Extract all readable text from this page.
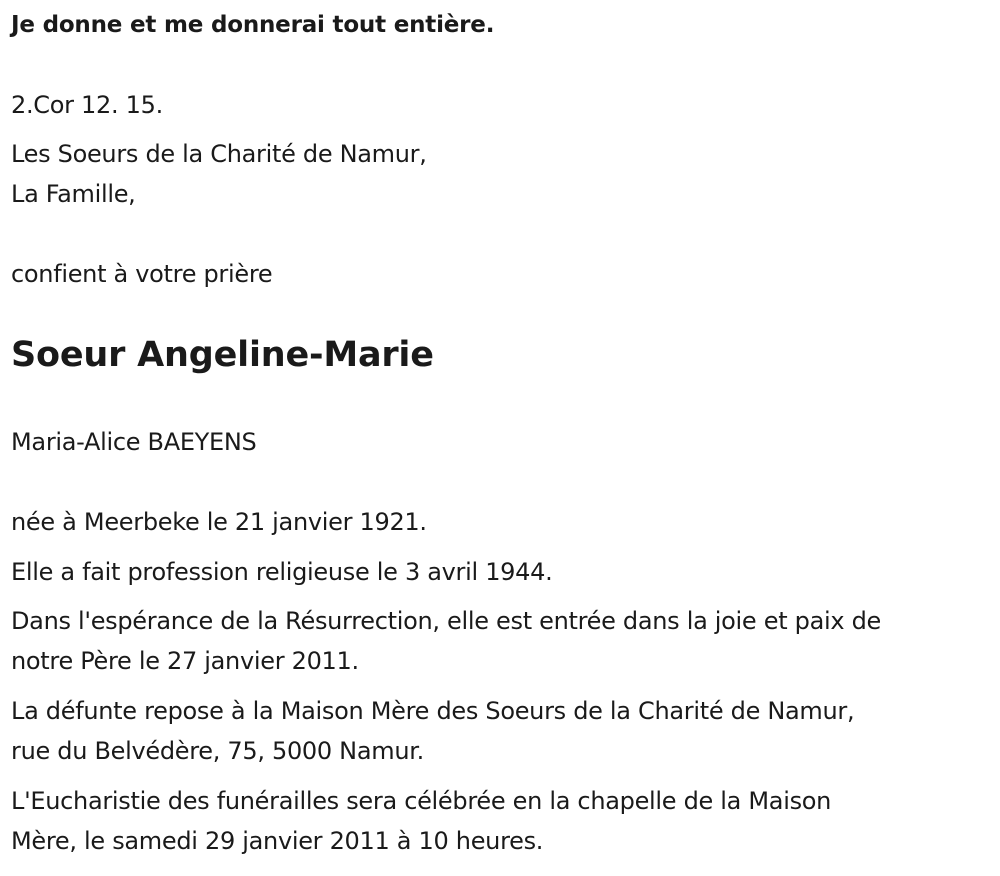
Je donne et me donnerai tout entière.
2.Cor 12. 15.
Les Soeurs de la Charité de Namur,
La Famille,
confient à votre prière
Soeur Angeline-Marie
Maria-Alice BAEYENS
née à Meerbeke le 21 janvier 1921.
Elle a fait profession religieuse le 3 avril 1944.
Dans l'espérance de la Résurrection, elle est entrée dans la joie et paix de
notre Père le 27 janvier 2011.
La défunte repose à la Maison Mère des Soeurs de la Charité de Namur,
rue du Belvédère, 75, 5000 Namur.
L'Eucharistie des funérailles sera célébrée en la chapelle de la Maison
Mère, le samedi 29 janvier 2011 à 10 heures.
